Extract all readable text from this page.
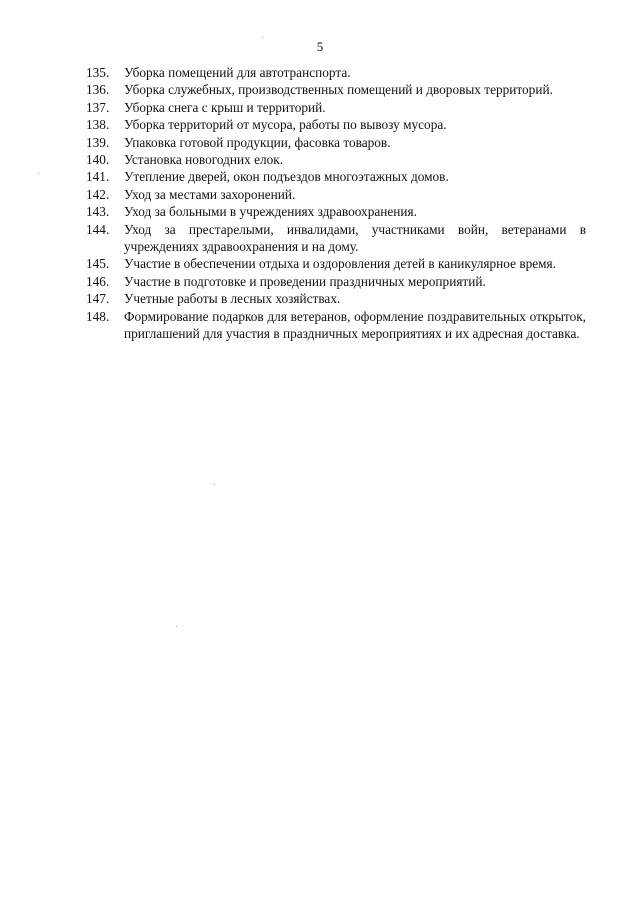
5
135.	Уборка помещений для автотранспорта.
136.	Уборка служебных, производственных помещений и дворовых территорий.
137.	Уборка снега с крыш и территорий.
138.	Уборка территорий от мусора, работы по вывозу мусора.
139.	Упаковка готовой продукции, фасовка товаров.
140.	Установка новогодних елок.
141.	Утепление дверей, окон подъездов многоэтажных домов.
142.	Уход за местами захоронений.
143.	Уход за больными в учреждениях здравоохранения.
144.	Уход за престарелыми, инвалидами, участниками войн, ветеранами в учреждениях здравоохранения и на дому.
145.	Участие в обеспечении отдыха и оздоровления детей в каникулярное время.
146.	Участие в подготовке и проведении праздничных мероприятий.
147.	Учетные работы в лесных хозяйствах.
148.	Формирование подарков для ветеранов, оформление поздравительных открыток, приглашений для участия в праздничных мероприятиях и их адресная доставка.
